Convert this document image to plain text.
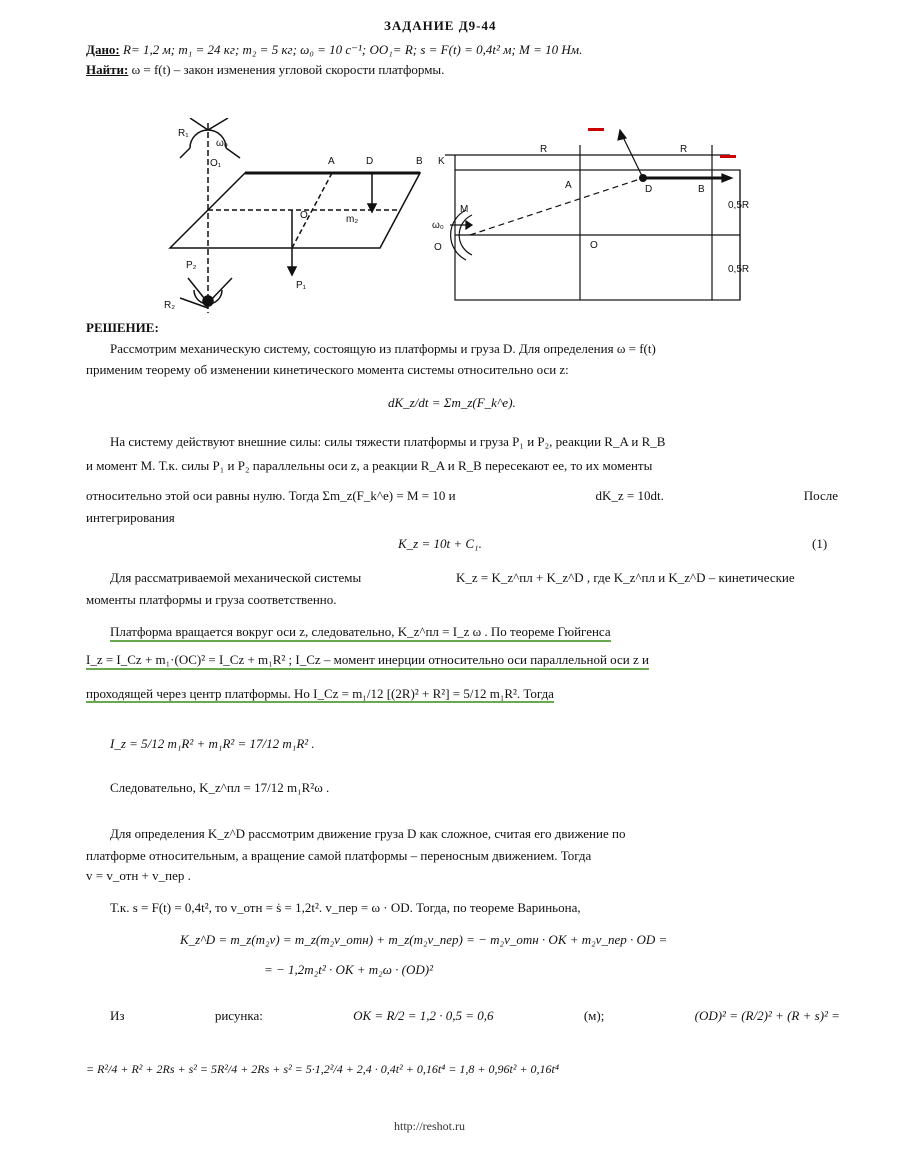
ЗАДАНИЕ Д9-44
Дано: R= 1,2 м; m₁ = 24 кг; m₂ = 5 кг; ω₀ = 10 с⁻¹; OO₁= R; s = F(t) = 0,4t² м; M = 10 Нм.
Найти: ω = f(t) – закон изменения угловой скорости платформы.
R₁
ω₀
O₁	A	D	B
O	m₂
P₁
P₂
R₂
K
R	R
A	D	B
M
ω₀
O	O
0,5R
0,5R
РЕШЕНИЕ:
Рассмотрим механическую систему, состоящую из платформы и груза D. Для определения ω = f(t)
применим теорему об изменении кинетического момента системы относительно оси z:
dK_z/dt = Σm_z(F_k^e).
На систему действуют внешние силы: силы тяжести платформы и груза P₁ и P₂, реакции R_A и R_B
и момент M. Т.к. силы P₁ и P₂ параллельны оси z, а реакции R_A и R_B пересекают ее, то их моменты
относительно этой оси равны нулю. Тогда Σm_z(F_k^e) = M = 10 и	dK_z = 10dt.	После
интегрирования
K_z = 10t + C₁.	(1)
Для рассматриваемой механической системы	K_z = K_z^пл + K_z^D , где K_z^пл и K_z^D – кинетические
моменты платформы и груза соответственно.
Платформа вращается вокруг оси z, следовательно, K_z^пл = I_z ω . По теореме Гюйгенса
I_z = I_Cz + m₁·(OC)² = I_Cz + m₁R² ; I_Cz – момент инерции относительно оси параллельной оси z и
проходящей через центр платформы. Но I_Cz = m₁/12 [(2R)² + R²] = 5/12 m₁R². Тогда
I_z = 5/12 m₁R² + m₁R² = 17/12 m₁R² .
Следовательно, K_z^пл = 17/12 m₁R²ω .
Для определения K_z^D рассмотрим движение груза D как сложное, считая его движение по
платформе относительным, а вращение самой платформы – переносным движением. Тогда
v = v_отн + v_пер .
Т.к. s = F(t) = 0,4t², то v_отн = ṡ = 1,2t². v_пер = ω · OD. Тогда, по теореме Вариньона,
K_z^D = m_z(m₂v) = m_z(m₂v_отн) + m_z(m₂v_пер) = − m₂v_отн · OK + m₂v_пер · OD =
= − 1,2m₂t² · OK + m₂ω · (OD)²
Из	рисунка:	OK = R/2 = 1,2 · 0,5 = 0,6	(м);	(OD)² = (R/2)² + (R + s)² =
= R²/4 + R² + 2Rs + s² = 5R²/4 + 2Rs + s² = 5·1,2²/4 + 2,4 · 0,4t² + 0,16t⁴ = 1,8 + 0,96t² + 0,16t⁴
http://reshot.ru
